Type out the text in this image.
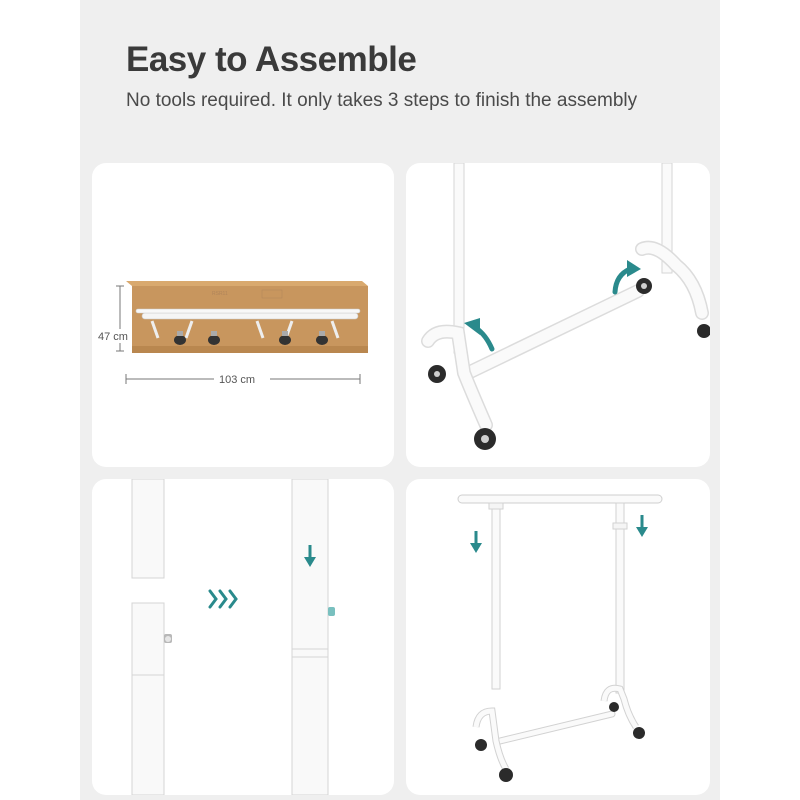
Easy to Assemble

No tools required. It only takes 3 steps to finish the assembly

RSR11
47 cm
103 cm
